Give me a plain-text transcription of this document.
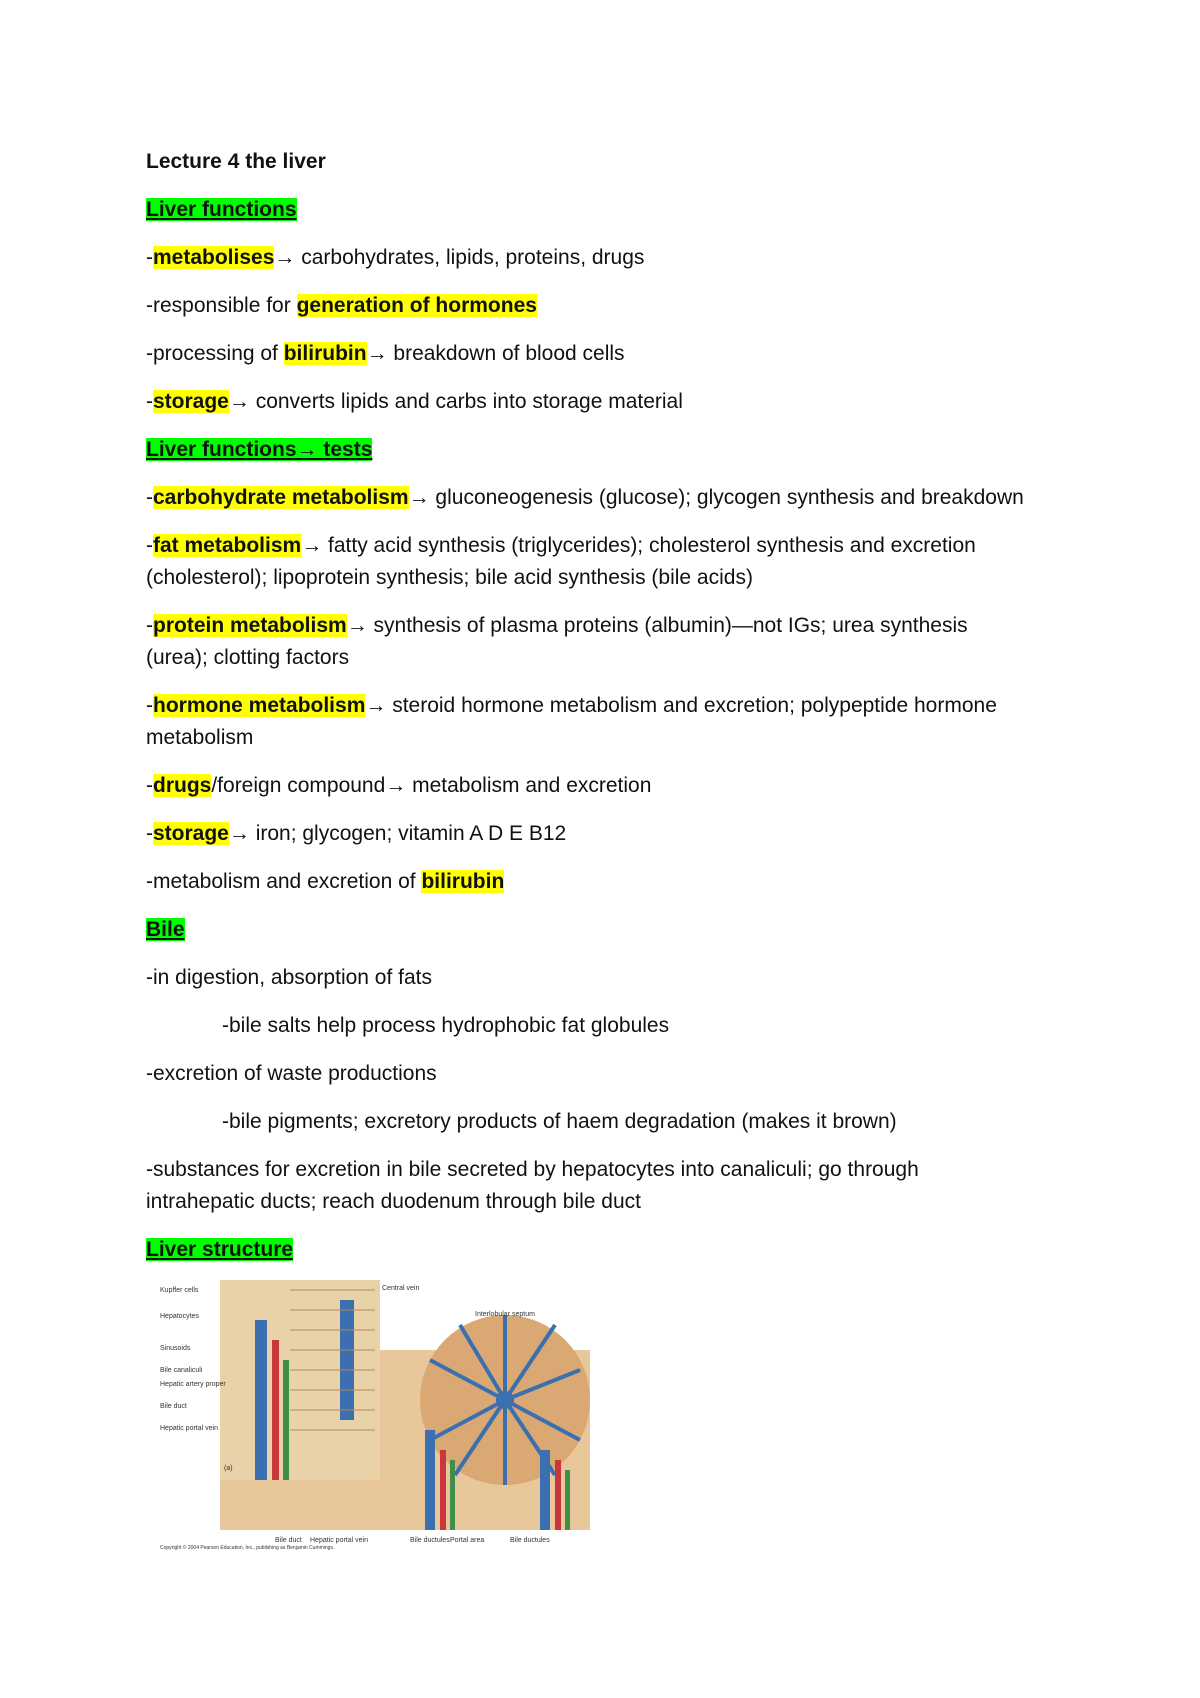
Lecture 4 the liver
Liver functions
-metabolises→ carbohydrates, lipids, proteins, drugs
-responsible for generation of hormones
-processing of bilirubin→ breakdown of blood cells
-storage→ converts lipids and carbs into storage material
Liver functions→ tests
-carbohydrate metabolism→ gluconeogenesis (glucose); glycogen synthesis and breakdown
-fat metabolism→ fatty acid synthesis (triglycerides); cholesterol synthesis and excretion
(cholesterol); lipoprotein synthesis; bile acid synthesis (bile acids)
-protein metabolism→ synthesis of plasma proteins (albumin)—not IGs; urea synthesis
(urea); clotting factors
-hormone metabolism→ steroid hormone metabolism and excretion; polypeptide hormone
metabolism
-drugs/foreign compound→ metabolism and excretion
-storage→ iron; glycogen; vitamin A D E B12
-metabolism and excretion of bilirubin
Bile
-in digestion, absorption of fats
-bile salts help process hydrophobic fat globules
-excretion of waste productions
-bile pigments; excretory products of haem degradation (makes it brown)
-substances for excretion in bile secreted by hepatocytes into canaliculi; go through
intrahepatic ducts; reach duodenum through bile duct
Liver structure
Kupffer cells
Hepatocytes
Sinusoids
Bile canaliculi
Hepatic artery proper
Bile duct
Hepatic portal vein
(a)
Central vein
Interlobular septum
Bile duct Hepatic portal vein	Bile ductules Portal area	Bile ductules
Copyright © 2004 Pearson Education, Inc., publishing as Benjamin Cummings.
